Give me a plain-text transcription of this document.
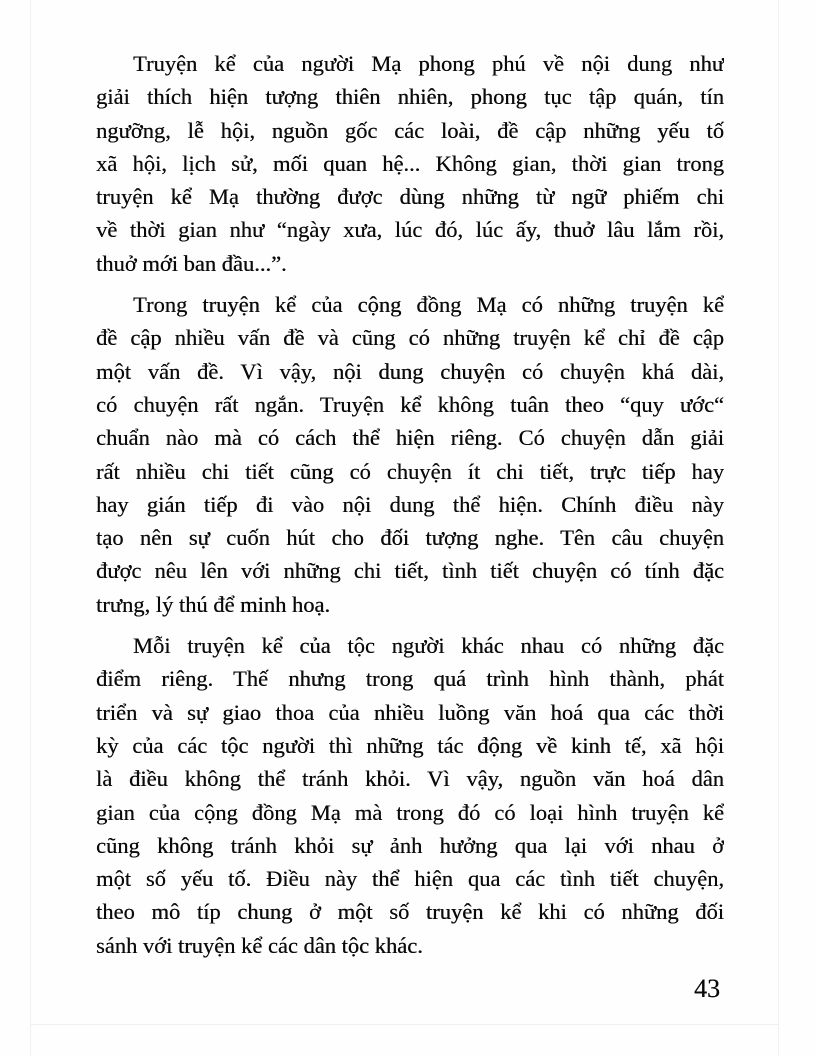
Truyện kể của người Mạ phong phú về nội dung như
giải thích hiện tượng thiên nhiên, phong tục tập quán, tín
ngưỡng, lễ hội, nguồn gốc các loài, đề cập những yếu tố
xã hội, lịch sử, mối quan hệ... Không gian, thời gian trong
truyện kể Mạ thường được dùng những từ ngữ phiếm chi
về thời gian như “ngày xưa, lúc đó, lúc ấy, thuở lâu lắm rồi,
thuở mới ban đầu...”.
Trong truyện kể của cộng đồng Mạ có những truyện kể
đề cập nhiều vấn đề và cũng có những truyện kể chỉ đề cập
một vấn đề. Vì vậy, nội dung chuyện có chuyện khá dài,
có chuyện rất ngắn. Truyện kể không tuân theo “quy ước“
chuẩn nào mà có cách thể hiện riêng. Có chuyện dẫn giải
rất nhiều chi tiết cũng có chuyện ít chi tiết, trực tiếp hay
hay gián tiếp đi vào nội dung thể hiện. Chính điều này
tạo nên sự cuốn hút cho đối tượng nghe. Tên câu chuyện
được nêu lên với những chi tiết, tình tiết chuyện có tính đặc
trưng, lý thú để minh hoạ.
Mỗi truyện kể của tộc người khác nhau có những đặc
điểm riêng. Thế nhưng trong quá trình hình thành, phát
triển và sự giao thoa của nhiều luồng văn hoá qua các thời
kỳ của các tộc người thì những tác động về kinh tế, xã hội
là điều không thể tránh khỏi. Vì vậy, nguồn văn hoá dân
gian của cộng đồng Mạ mà trong đó có loại hình truyện kể
cũng không tránh khỏi sự ảnh hưởng qua lại với nhau ở
một số yếu tố. Điều này thể hiện qua các tình tiết chuyện,
theo mô típ chung ở một số truyện kể khi có những đối
sánh với truyện kể các dân tộc khác.
43
